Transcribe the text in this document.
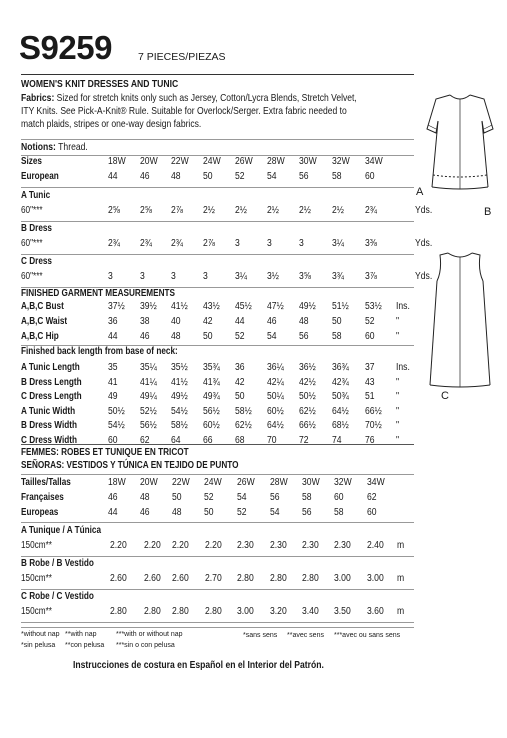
S9259 7 PIECES/PIEZAS
WOMEN'S KNIT DRESSES AND TUNIC

Fabrics: Sized for stretch knits only such as Jersey, Cotton/Lycra Blends, Stretch Velvet,

ITY Knits. See Pick-A-Knit® Rule. Suitable for Overlock/Serger. Extra fabric needed to

match plaids, stripes or one-way design fabrics.

Notions: Thread.
Sizes	18W 20W 22W 24W 26W 28W 30W 32W 34W
European	44 46 48 50 52 54 56 58 60
A Tunic
60"***	2⅝ 2⅝ 2⅞ 2½ 2½ 2½ 2½ 2½ 2¾	Yds.
B Dress
60"***	2¾ 2¾ 2¾ 2⅞ 3	3	3	3¼ 3⅜	Yds.
C Dress
60"***	3	3	3	3	3¼ 3½ 3⅝ 3¾ 3⅞	Yds.
FINISHED GARMENT MEASUREMENTS
A,B,C Bust	37½ 39½ 41½ 43½ 45½ 47½ 49½ 51½ 53½ Ins.
A,B,C Waist	36 38 40 42 44 46 48 50 52 "
A,B,C Hip	44 46 48 50 52 54 56 58 60 "
Finished back length from base of neck:
A Tunic Length	35 35¼ 35½ 35¾ 36 36¼ 36½ 36¾ 37 Ins.
B Dress Length	41 41¼ 41½ 41¾ 42 42¼ 42½ 42¾ 43 "
C Dress Length	49 49¼ 49½ 49¾ 50 50¼ 50½ 50¾ 51 "
A Tunic Width	50½ 52½ 54½ 56½ 58½ 60½ 62½ 64½ 66½ "
B Dress Width	54½ 56½ 58½ 60½ 62½ 64½ 66½ 68½ 70½ "
C Dress Width	60 62 64 66 68 70 72 74 76 "
FEMMES: ROBES ET TUNIQUE EN TRICOT
SEÑORAS: VESTIDOS Y TÚNICA EN TEJIDO DE PUNTO
Tailles/Tallas	18W 20W 22W 24W 26W 28W 30W 32W 34W
Françaises	46 48 50 52 54 56 58 60 62
Europeas	44 46 48 50 52 54 56 58 60
A Tunique / A Túnica
150cm**	2.20 2.20 2.20 2.20 2.30 2.30 2.30 2.30 2.40 m
B Robe / B Vestido
150cm**	2.60 2.60 2.60 2.70 2.80 2.80 2.80 3.00 3.00 m
C Robe / C Vestido
150cm**	2.80 2.80 2.80 2.80 3.00 3.20 3.40 3.50 3.60 m
*without nap **with nap	***with or without nap
*sin pelusa **con pelusa ***sin o con pelusa
*sans sens **avec sens ***avec ou sans sens
Instrucciones de costura en Español en el Interior del Patrón.
A
B
C
